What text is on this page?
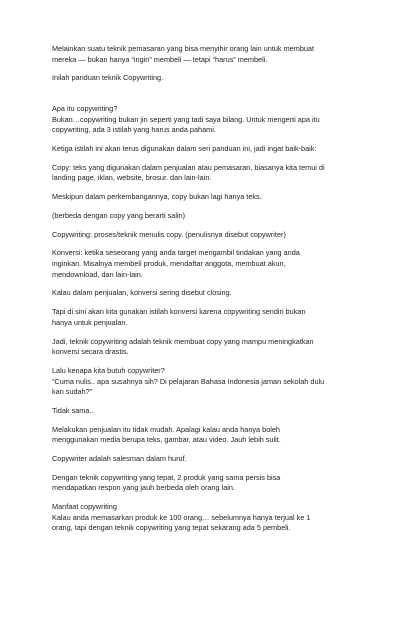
Melainkan suatu teknik pemasaran yang bisa menyihir orang lain untuk membuat
mereka — bukan hanya “ingin” membeli — tetapi “harus” membeli.

Inilah panduan teknik Copywriting.

Apa itu copywriting?
Bukan…copywriting bukan jin seperti yang tadi saya bilang. Untuk mengerti apa itu
copywriting, ada 3 istilah yang harus anda pahami.

Ketiga istilah ini akan terus digunakan dalam seri panduan ini, jadi ingat baik-baik:

Copy: teks yang digunakan dalam penjualan atau pemasaran, biasanya kita temui di
landing page, iklan, website, brosur. dan lain-lain.

Meskipun dalam perkembangannya, copy bukan lagi hanya teks.

(berbeda dengan copy yang berarti salin)

Copywriting: proses/teknik menulis copy. (penulisnya disebut copywriter)

Konversi: ketika seseorang yang anda target mengambil tindakan yang anda
inginkan. Misalnya membeli produk, mendaftar anggota, membuat akun,
mendownload, dan lain-lain.

Kalau dalam penjualan, konversi sering disebut closing.

Tapi di sini akan kita gunakan istilah konversi karena copywriting sendiri bukan
hanya untuk penjualan.

Jadi, teknik copywriting adalah teknik membuat copy yang mampu meningkatkan
konversi secara drastis.

Lalu kenapa kita butuh copywriter?
“Cuma nulis.. apa susahnya sih? Di pelajaran Bahasa Indonesia jaman sekolah dulu
kan sudah?”

Tidak sama..

Melakukan penjualan itu tidak mudah. Apalagi kalau anda hanya boleh
menggunakan media berupa teks, gambar, atau video. Jauh lebih sulit.

Copywriter adalah salesman dalam huruf.

Dengan teknik copywriting yang tepat, 2 produk yang sama persis bisa
mendapatkan respon yang jauh berbeda oleh orang lain.

Manfaat copywriting
Kalau anda memasarkan produk ke 100 orang… sebelumnya hanya terjual ke 1
orang, tapi dengan teknik copywriting yang tepat sekarang ada 5 pembeli.
